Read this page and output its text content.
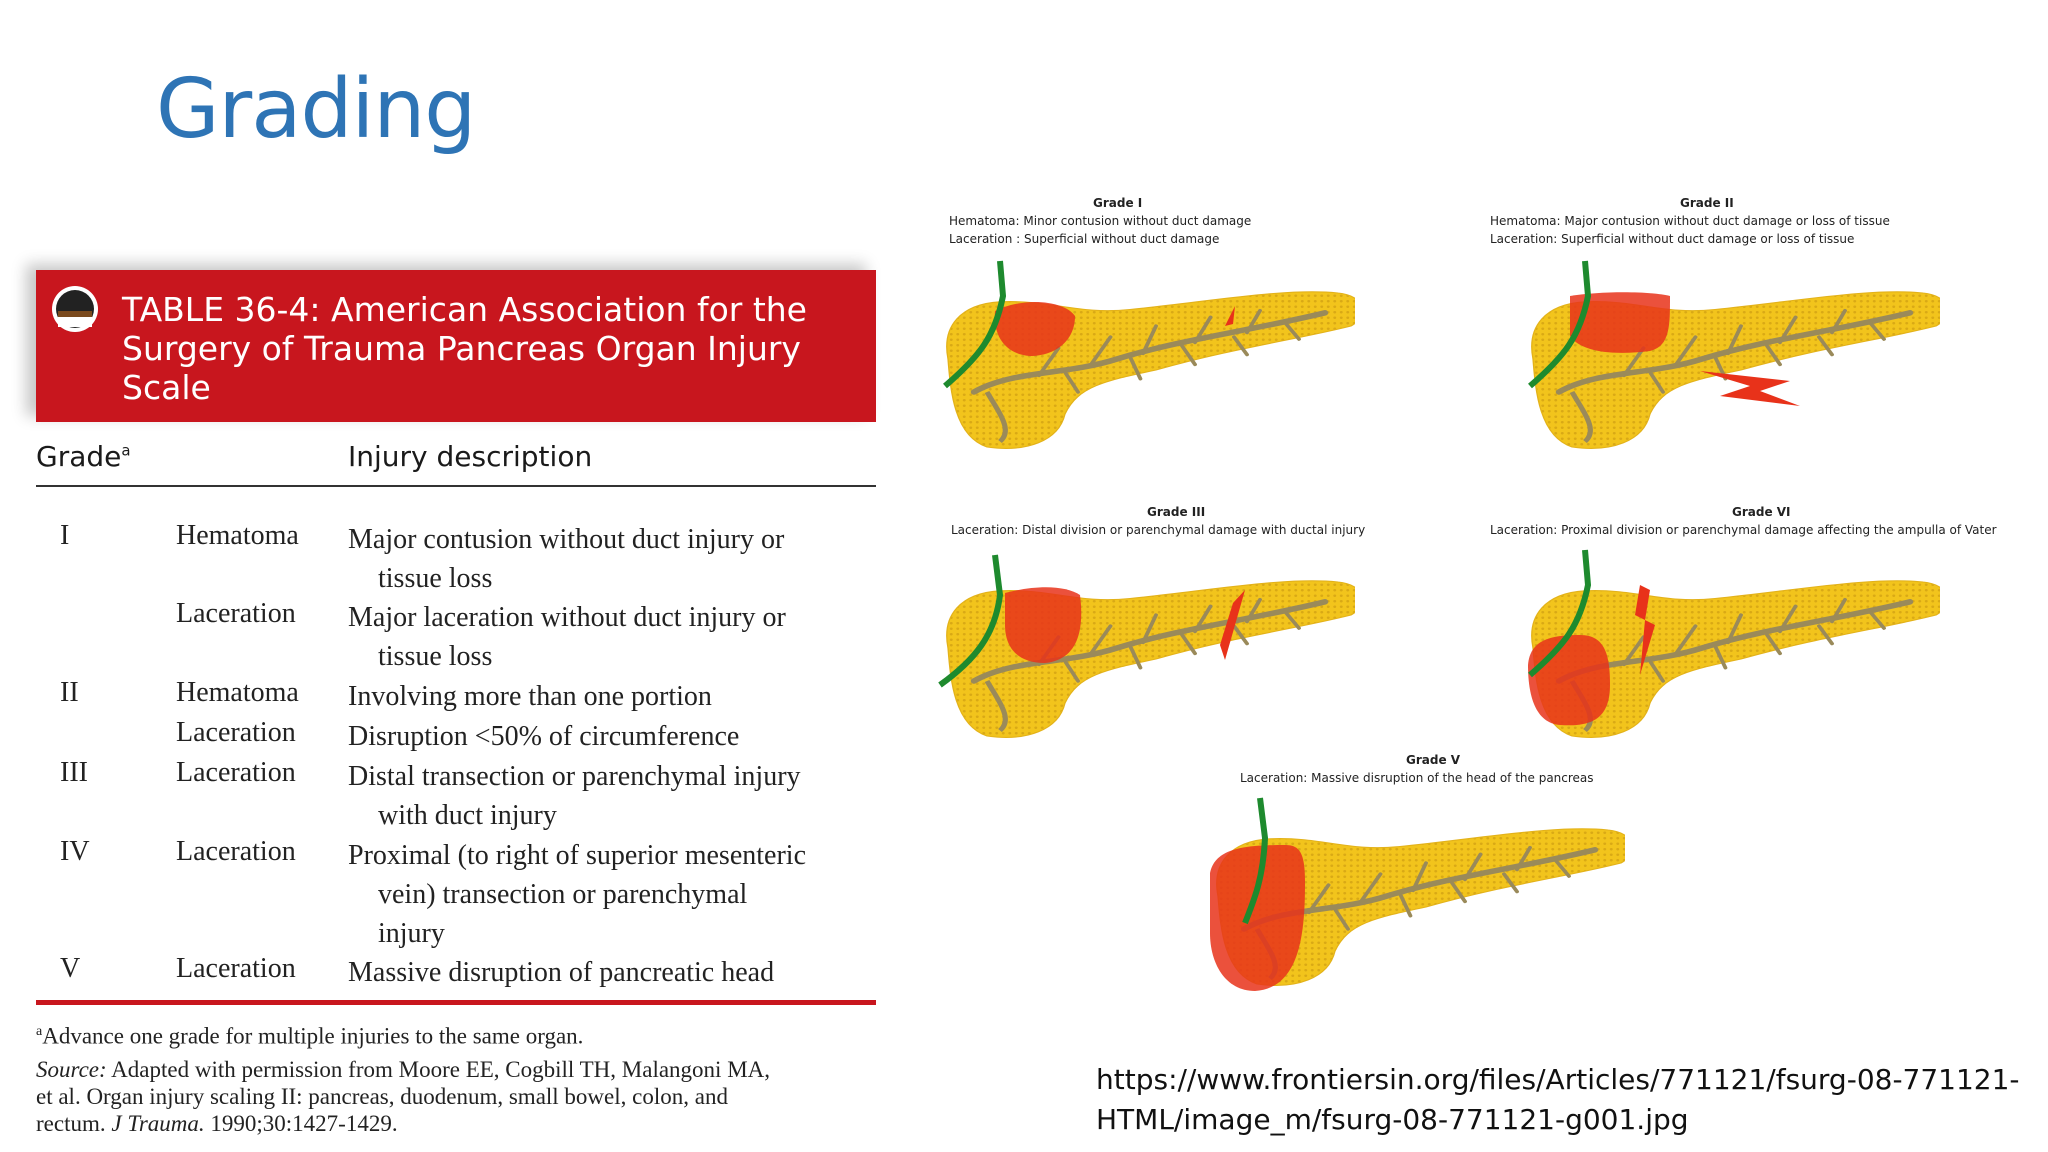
Grading
TABLE 36-4: American Association for the
Surgery of Trauma Pancreas Organ Injury
Scale
Grade$^a$	Injury description
I	Hematoma Major contusion without duct injury or
tissue loss
Laceration Major laceration without duct injury or
tissue loss
II	Hematoma Involving more than one portion
Laceration Disruption <50% of circumference
III	Laceration Distal transection or parenchymal injury
with duct injury
IV	Laceration Proximal (to right of superior mesenteric
vein) transection or parenchymal
injury
V	Laceration Massive disruption of pancreatic head
$^a$Advance one grade for multiple injuries to the same organ.
Source: Adapted with permission from Moore EE, Cogbill TH, Malangoni MA,
et al. Organ injury scaling II: pancreas, duodenum, small bowel, colon, and
rectum. J Trauma. 1990;30:1427-1429.
Grade I
Hematoma: Minor contusion without duct damage
Laceration : Superficial without duct damage
Grade II
Hematoma: Major contusion without duct damage or loss of tissue
Laceration: Superficial without duct damage or loss of tissue
Grade III
Laceration: Distal division or parenchymal damage with ductal injury
Grade VI
Laceration: Proximal division or parenchymal damage affecting the ampulla of Vater
Grade V
Laceration: Massive disruption of the head of the pancreas
https://www.frontiersin.org/files/Articles/771121/fsurg-08-771121-
HTML/image_m/fsurg-08-771121-g001.jpg
